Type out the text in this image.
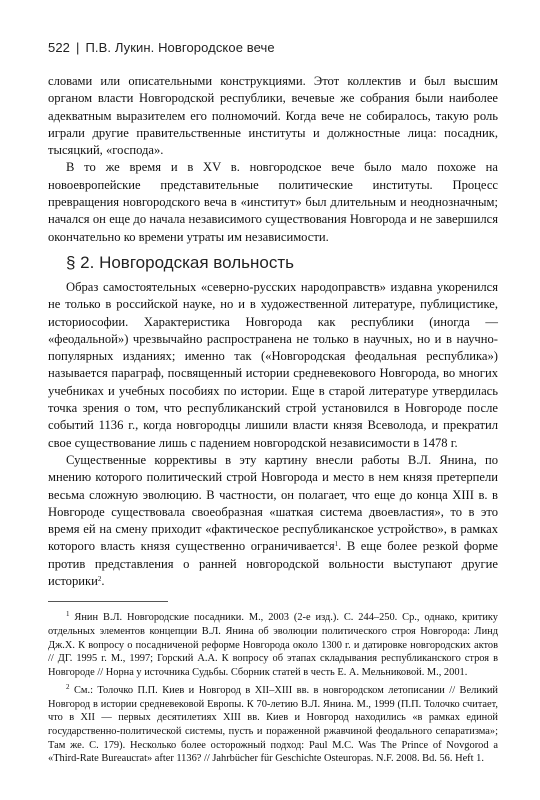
522 | П.В. Лукин. Новгородское вече

словами или описательными конструкциями. Этот коллектив и был высшим органом власти Новгородской республики, вечевые же собрания были наиболее адекватным выразителем его полномочий. Когда вече не собиралось, такую роль играли другие правительственные институты и должностные лица: посадник, тысяцкий, «господа».

В то же время и в XV в. новгородское вече было мало похоже на новоевропейские представительные политические институты. Процесс превращения новгородского веча в «институт» был длительным и неоднозначным; начался он еще до начала независимого существования Новгорода и не завершился окончательно ко времени утраты им независимости.

§ 2. Новгородская вольность

Образ самостоятельных «северно-русских народоправств» издавна укоренился не только в российской науке, но и в художественной литературе, публицистике, историософии. Характеристика Новгорода как республики (иногда — «феодальной») чрезвычайно распространена не только в научных, но и в научно-популярных изданиях; именно так («Новгородская феодальная республика») называется параграф, посвященный истории средневекового Новгорода, во многих учебниках и учебных пособиях по истории. Еще в старой литературе утвердилась точка зрения о том, что республиканский строй установился в Новгороде после событий 1136 г., когда новгородцы лишили власти князя Всеволода, и прекратил свое существование лишь с падением новгородской независимости в 1478 г.

Существенные коррективы в эту картину внесли работы В.Л. Янина, по мнению которого политический строй Новгорода и место в нем князя претерпели весьма сложную эволюцию. В частности, он полагает, что еще до конца XIII в. в Новгороде существовала своеобразная «шаткая система двоевластия», то в это время ей на смену приходит «фактическое республиканское устройство», в рамках которого власть князя существенно ограничивается$^1$. В еще более резкой форме против представления о ранней новгородской вольности выступают другие историки$^2$.

$^1$ Янин В.Л. Новгородские посадники. М., 2003 (2-е изд.). С. 244–250. Ср., однако, критику отдельных элементов концепции В.Л. Янина об эволюции политического строя Новгорода: Линд Дж.Х. К вопросу о посадниченой реформе Новгорода около 1300 г. и датировке новгородских актов // ДГ. 1995 г. М., 1997; Горский А.А. К вопросу об этапах складывания республиканского строя в Новгороде // Норна у источника Судьбы. Сборник статей в честь Е. А. Мельниковой. М., 2001.

$^2$ См.: Толочко П.П. Киев и Новгород в XII–XIII вв. в новгородском летописании // Великий Новгород в истории средневековой Европы. К 70-летию В.Л. Янина. М., 1999 (П.П. Толочко считает, что в XII — первых десятилетиях XIII вв. Киев и Новгород находились «в рамках единой государственно-политической системы, пусть и пораженной ржавчиной феодального сепаратизма»; Там же. С. 179). Несколько более осторожный подход: Paul M.C. Was The Prince of Novgorod a «Third-Rate Bureaucrat» after 1136? // Jahrbücher für Geschichte Osteuropas. N.F. 2008. Bd. 56. Heft 1.
